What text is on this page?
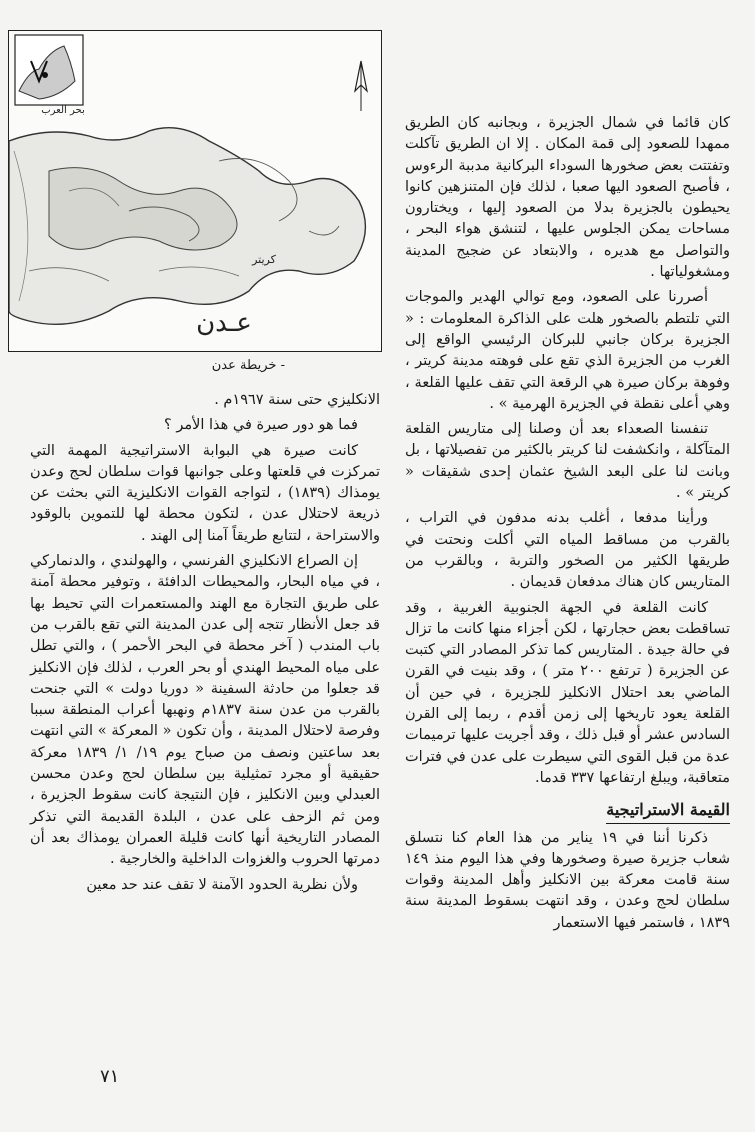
بحر العرب
كريتر
عـدن
- خريطة عدن

كان قائما في شمال الجزيرة ، وبجانبه كان الطريق ممهدا للصعود إلى قمة المكان . إلا ان الطريق تآكلت وتفتتت بعض صخورها السوداء البركانية مدببة الرءوس ، فأصبح الصعود اليها صعبا ، لذلك فإن المتنزهين كانوا يحيطون بالجزيرة بدلا من الصعود إليها ، ويختارون مساحات يمكن الجلوس عليها ، لتنشق هواء البحر ، والتواصل مع هديره ، والابتعاد عن ضجيج المدينة ومشغولياتها .

أصررنا على الصعود، ومع توالي الهدير والموجات التي تلتطم بالصخور هلت على الذاكرة المعلومات : « الجزيرة بركان جانبي للبركان الرئيسي الواقع إلى الغرب من الجزيرة الذي تقع على فوهته مدينة كريتر ، وفوهة بركان صيرة هي الرقعة التي تقف عليها القلعة ، وهي أعلى نقطة في الجزيرة الهرمية » .

تنفسنا الصعداء بعد أن وصلنا إلى متاريس القلعة المتآكلة ، وانكشفت لنا كريتر بالكثير من تفصيلاتها ، بل وبانت لنا على البعد الشيخ عثمان إحدى شقيقات « كريتر » .

ورأينا مدفعا ، أغلب بدنه مدفون في التراب ، بالقرب من مساقط المياه التي أكلت ونحتت في طريقها الكثير من الصخور والتربة ، وبالقرب من المتاريس كان هناك مدفعان قديمان .

كانت القلعة في الجهة الجنوبية الغربية ، وقد تساقطت بعض حجارتها ، لكن أجزاء منها كانت ما تزال في حالة جيدة . المتاريس كما تذكر المصادر التي كتبت عن الجزيرة ( ترتفع ٢٠٠ متر ) ، وقد بنيت في القرن الماضي بعد احتلال الانكليز للجزيرة ، في حين أن القلعة يعود تاريخها إلى زمن أقدم ، ربما إلى القرن السادس عشر أو قبل ذلك ، وقد أجريت عليها ترميمات عدة من قبل القوى التي سيطرت على عدن في فترات متعاقبة، ويبلغ ارتفاعها ٣٣٧ قدما.

القيمة الاستراتيجية

ذكرنا أننا في ١٩ يناير من هذا العام كنا نتسلق شعاب جزيرة صيرة وصخورها وفي هذا اليوم منذ ١٤٩ سنة قامت معركة بين الانكليز وأهل المدينة وقوات سلطان لحج وعدن ، وقد انتهت بسقوط المدينة سنة ١٨٣٩ ، فاستمر فيها الاستعمار

الانكليزي حتى سنة ١٩٦٧م .

فما هو دور صيرة في هذا الأمر ؟

كانت صيرة هي البوابة الاستراتيجية المهمة التي تمركزت في قلعتها وعلى جوانبها قوات سلطان لحج وعدن يومذاك (١٨٣٩) ، لتواجه القوات الانكليزية التي بحثت عن ذريعة لاحتلال عدن ، لتكون محطة لها للتموين بالوقود والاستراحة ، لتتابع طريقاً آمنا إلى الهند .

إن الصراع الانكليزي الفرنسي ، والهولندي ، والدنماركي ، في مياه البحار، والمحيطات الدافئة ، وتوفير محطة آمنة على طريق التجارة مع الهند والمستعمرات التي تحيط بها قد جعل الأنظار تتجه إلى عدن المدينة التي تقع بالقرب من باب المندب ( آخر محطة في البحر الأحمر ) ، والتي تطل على مياه المحيط الهندي أو بحر العرب ، لذلك فإن الانكليز قد جعلوا من حادثة السفينة « دوريا دولت » التي جنحت بالقرب من عدن سنة ١٨٣٧م ونهبها أعراب المنطقة سببا وفرصة لاحتلال المدينة ، وأن تكون « المعركة » التي انتهت بعد ساعتين ونصف من صباح يوم ١٩/ ١/ ١٨٣٩ معركة حقيقية أو مجرد تمثيلية بين سلطان لحج وعدن محسن العبدلي وبين الانكليز ، فإن النتيجة كانت سقوط الجزيرة ، ومن ثم الزحف على عدن ، البلدة القديمة التي تذكر المصادر التاريخية أنها كانت قليلة العمران يومذاك بعد أن دمرتها الحروب والغزوات الداخلية والخارجية .

ولأن نظرية الحدود الآمنة لا تقف عند حد معين

٧١
